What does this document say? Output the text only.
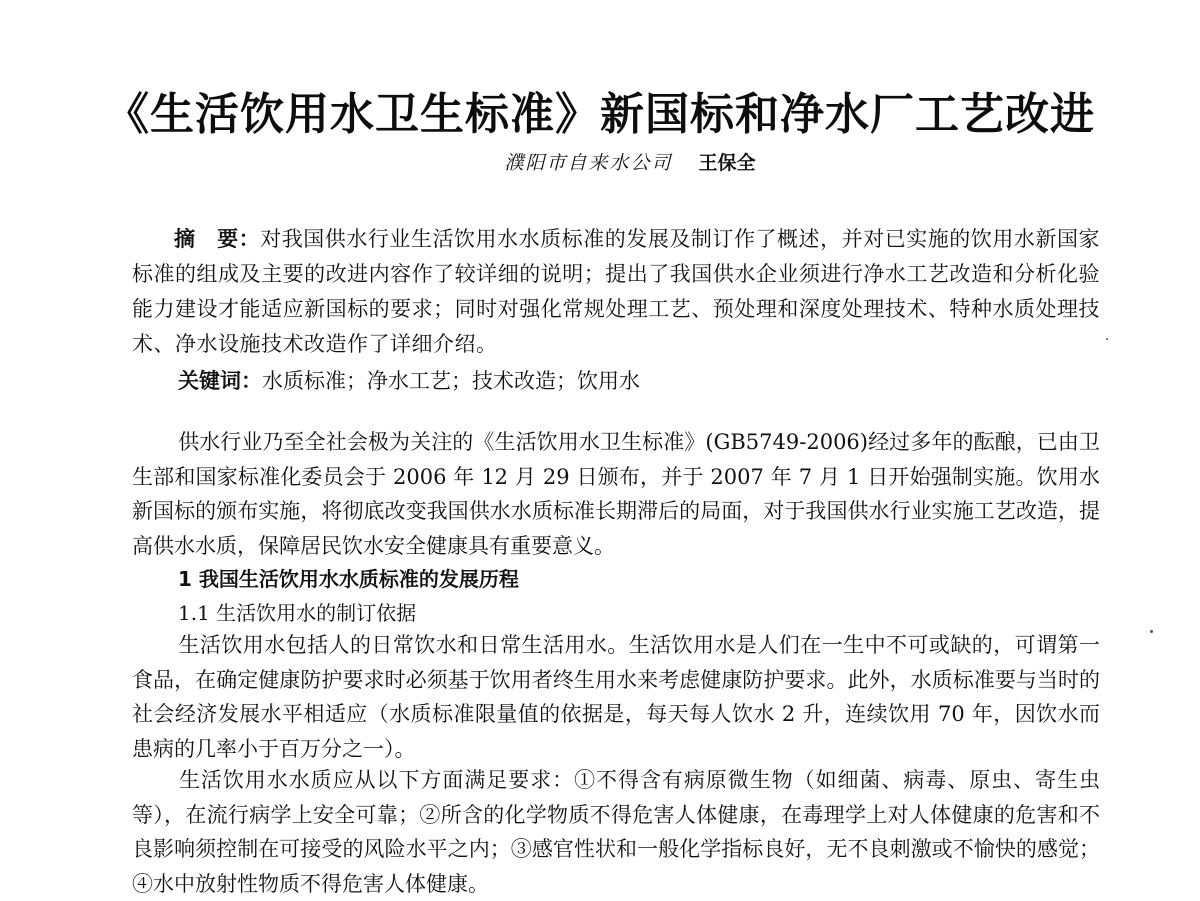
《生活饮用水卫生标准》新国标和净水厂工艺改进
濮阳市自来水公司 王保全
摘　要：对我国供水行业生活饮用水水质标准的发展及制订作了概述，并对已实施的饮用水新国家标准的组成及主要的改进内容作了较详细的说明；提出了我国供水企业须进行净水工艺改造和分析化验能力建设才能适应新国标的要求；同时对强化常规处理工艺、预处理和深度处理技术、特种水质处理技术、净水设施技术改造作了详细介绍。
关键词：水质标准；净水工艺；技术改造；饮用水
供水行业乃至全社会极为关注的《生活饮用水卫生标准》(GB5749-2006)经过多年的酝酿，已由卫生部和国家标准化委员会于 2006 年 12 月 29 日颁布，并于 2007 年 7 月 1 日开始强制实施。饮用水新国标的颁布实施，将彻底改变我国供水水质标准长期滞后的局面，对于我国供水行业实施工艺改造，提高供水水质，保障居民饮水安全健康具有重要意义。
1 我国生活饮用水水质标准的发展历程
1.1 生活饮用水的制订依据
生活饮用水包括人的日常饮水和日常生活用水。生活饮用水是人们在一生中不可或缺的，可谓第一食品，在确定健康防护要求时必须基于饮用者终生用水来考虑健康防护要求。此外，水质标准要与当时的社会经济发展水平相适应（水质标准限量值的依据是，每天每人饮水 2 升，连续饮用 70 年，因饮水而患病的几率小于百万分之一）。
生活饮用水水质应从以下方面满足要求：①不得含有病原微生物（如细菌、病毒、原虫、寄生虫等），在流行病学上安全可靠；②所含的化学物质不得危害人体健康，在毒理学上对人体健康的危害和不良影响须控制在可接受的风险水平之内；③感官性状和一般化学指标良好，无不良刺激或不愉快的感觉；④水中放射性物质不得危害人体健康。
